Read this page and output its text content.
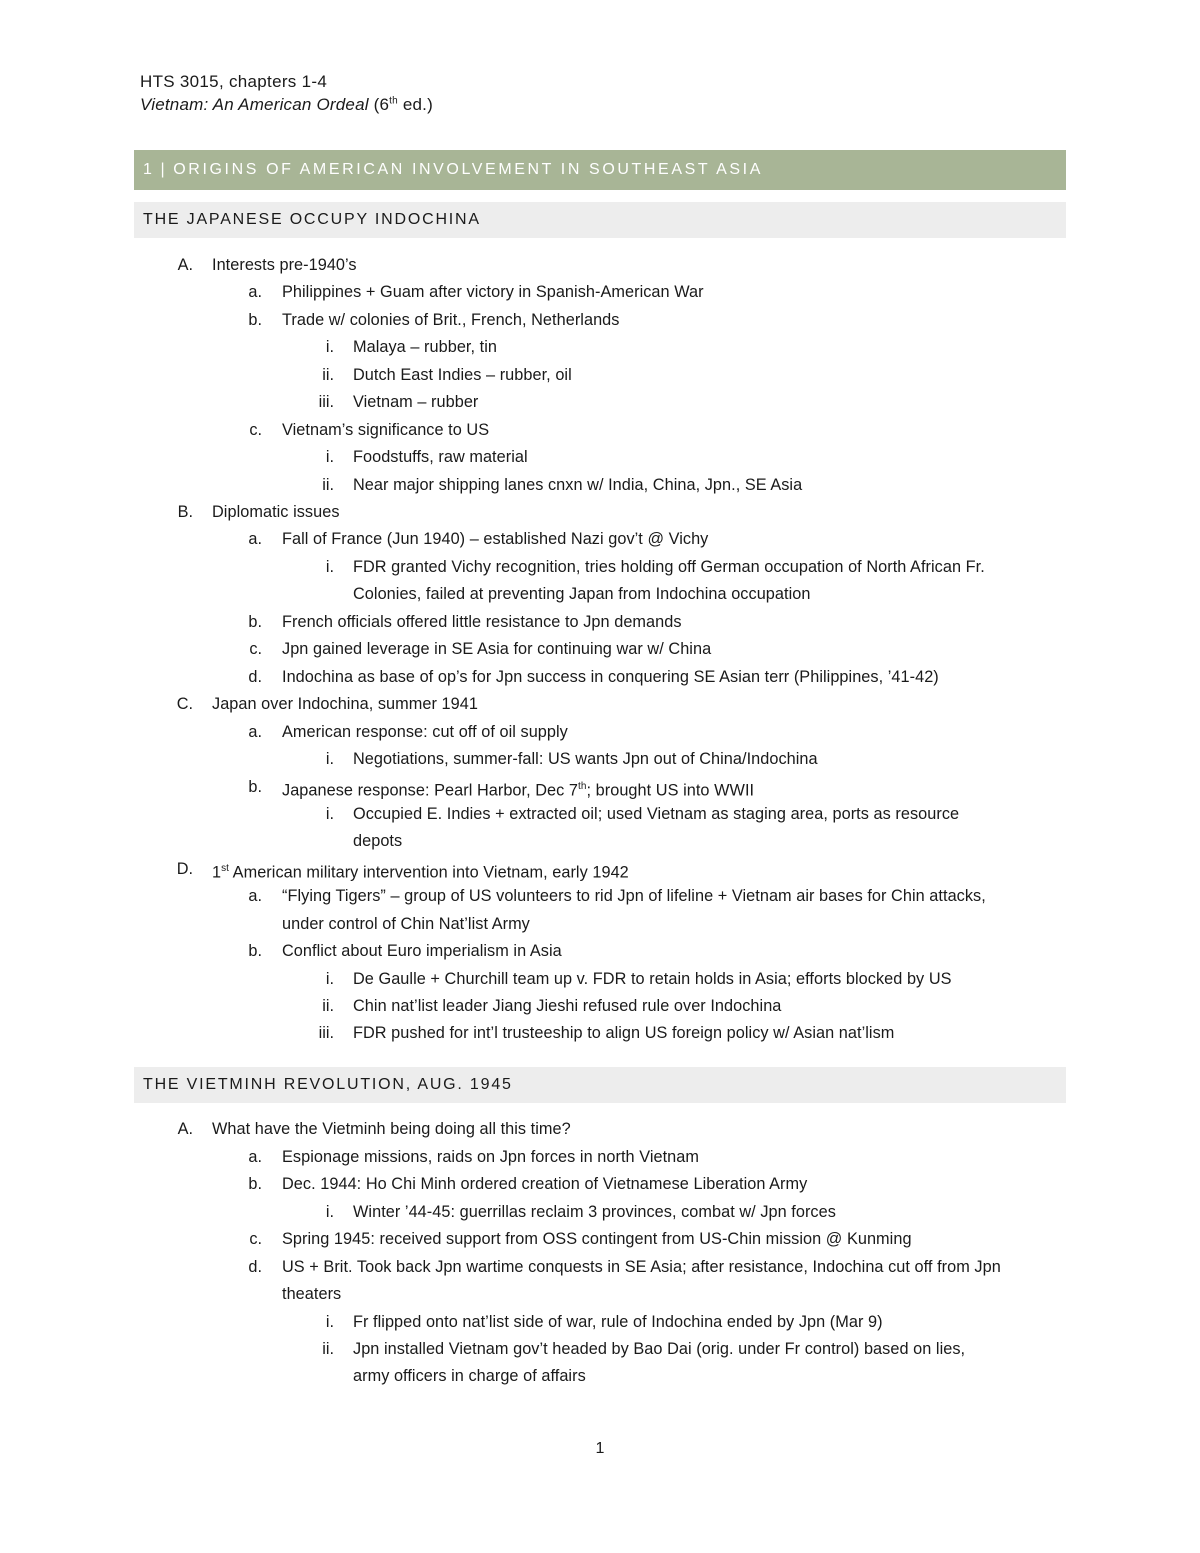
HTS 3015, chapters 1-4
Vietnam: An American Ordeal (6th ed.)
1 | ORIGINS OF AMERICAN INVOLVEMENT IN SOUTHEAST ASIA
THE JAPANESE OCCUPY INDOCHINA
THE VIETMINH REVOLUTION, AUG. 1945
A. Interests pre-1940’s
a. Philippines + Guam after victory in Spanish-American War
b. Trade w/ colonies of Brit., French, Netherlands
i. Malaya – rubber, tin
ii. Dutch East Indies – rubber, oil
iii. Vietnam – rubber
c. Vietnam’s significance to US
i. Foodstuffs, raw material
ii. Near major shipping lanes cnxn w/ India, China, Jpn., SE Asia
B. Diplomatic issues
a. Fall of France (Jun 1940) – established Nazi gov’t @ Vichy
i. FDR granted Vichy recognition, tries holding off German occupation of North African Fr.
Colonies, failed at preventing Japan from Indochina occupation
b. French officials offered little resistance to Jpn demands
c. Jpn gained leverage in SE Asia for continuing war w/ China
d. Indochina as base of op’s for Jpn success in conquering SE Asian terr (Philippines, ’41-42)
C. Japan over Indochina, summer 1941
a. American response: cut off of oil supply
i. Negotiations, summer-fall: US wants Jpn out of China/Indochina
b. Japanese response: Pearl Harbor, Dec 7th; brought US into WWII
i. Occupied E. Indies + extracted oil; used Vietnam as staging area, ports as resource
depots
D. 1st American military intervention into Vietnam, early 1942
a. “Flying Tigers” – group of US volunteers to rid Jpn of lifeline + Vietnam air bases for Chin attacks,
under control of Chin Nat’list Army
b. Conflict about Euro imperialism in Asia
i. De Gaulle + Churchill team up v. FDR to retain holds in Asia; efforts blocked by US
ii. Chin nat’list leader Jiang Jieshi refused rule over Indochina
iii. FDR pushed for int’l trusteeship to align US foreign policy w/ Asian nat’lism
A. What have the Vietminh being doing all this time?
a. Espionage missions, raids on Jpn forces in north Vietnam
b. Dec. 1944: Ho Chi Minh ordered creation of Vietnamese Liberation Army
i. Winter ’44-45: guerrillas reclaim 3 provinces, combat w/ Jpn forces
c. Spring 1945: received support from OSS contingent from US-Chin mission @ Kunming
d. US + Brit. Took back Jpn wartime conquests in SE Asia; after resistance, Indochina cut off from Jpn
theaters
i. Fr flipped onto nat’list side of war, rule of Indochina ended by Jpn (Mar 9)
ii. Jpn installed Vietnam gov’t headed by Bao Dai (orig. under Fr control) based on lies,
army officers in charge of affairs
1
